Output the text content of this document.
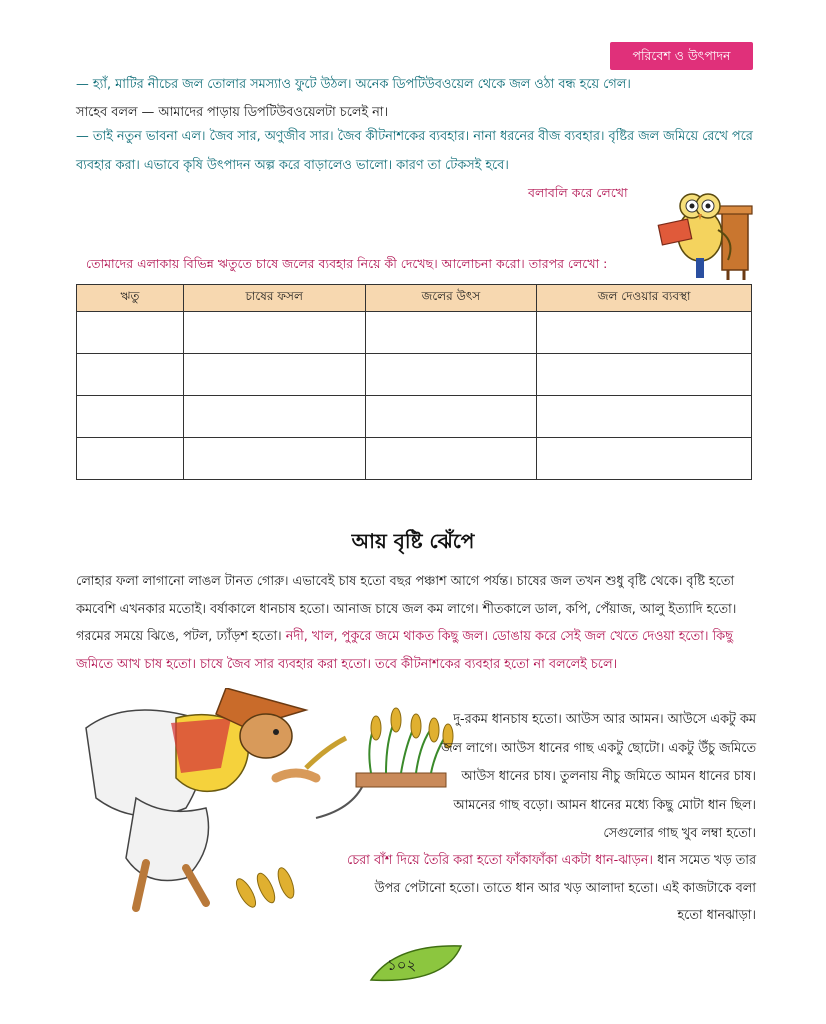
পরিবেশ ও উৎপাদন

— হ্যাঁ, মাটির নীচের জল তোলার সমস্যাও ফুটে উঠল। অনেক ডিপটিউবওয়েল থেকে জল ওঠা বন্ধ হয়ে গেল।

সাহেব বলল — আমাদের পাড়ায় ডিপটিউবওয়েলটা চলেই না।

— তাই নতুন ভাবনা এল। জৈব সার, অণুজীব সার। জৈব কীটনাশকের ব্যবহার। নানা ধরনের বীজ ব্যবহার। বৃষ্টির জল জমিয়ে রেখে পরে ব্যবহার করা। এভাবে কৃষি উৎপাদন অল্প করে বাড়ালেও ভালো। কারণ তা টেকসই হবে।

বলাবলি করে লেখো
তোমাদের এলাকায় বিভিন্ন ঋতুতে চাষে জলের ব্যবহার নিয়ে কী দেখেছ। আলোচনা করো। তারপর লেখো :
ঋতু	চাষের ফসল	জলের উৎস	জল দেওয়ার ব্যবস্থা

আয় বৃষ্টি ঝেঁপে

লোহার ফলা লাগানো লাঙল টানত গোরু। এভাবেই চাষ হতো বছর পঞ্চাশ আগে পর্যন্ত। চাষের জল তখন শুধু বৃষ্টি থেকে। বৃষ্টি হতো কমবেশি এখনকার মতোই। বর্ষাকালে ধানচাষ হতো। আনাজ চাষে জল কম লাগে। শীতকালে ডাল, কপি, পেঁয়াজ, আলু ইত্যাদি হতো। গরমের সময়ে ঝিঙে, পটল, ঢ্যাঁড়শ হতো। নদী, খাল, পুকুরে জমে থাকত কিছু জল। ডোঙায় করে সেই জল খেতে দেওয়া হতো। কিছু জমিতে আখ চাষ হতো। চাষে জৈব সার ব্যবহার করা হতো। তবে কীটনাশকের ব্যবহার হতো না বললেই চলে।

দু-রকম ধানচাষ হতো। আউস আর আমন। আউসে একটু কম জল লাগে। আউস ধানের গাছ একটু ছোটো। একটু উঁচু জমিতে আউস ধানের চাষ। তুলনায় নীচু জমিতে আমন ধানের চাষ। আমনের গাছ বড়ো। আমন ধানের মধ্যে কিছু মোটা ধান ছিল। সেগুলোর গাছ খুব লম্বা হতো।

চেরা বাঁশ দিয়ে তৈরি করা হতো ফাঁকাফাঁকা একটা ধান-ঝাড়ন। ধান সমেত খড় তার উপর পেটানো হতো। তাতে ধান আর খড় আলাদা হতো। এই কাজটাকে বলা হতো ধানঝাড়া।

১০২
